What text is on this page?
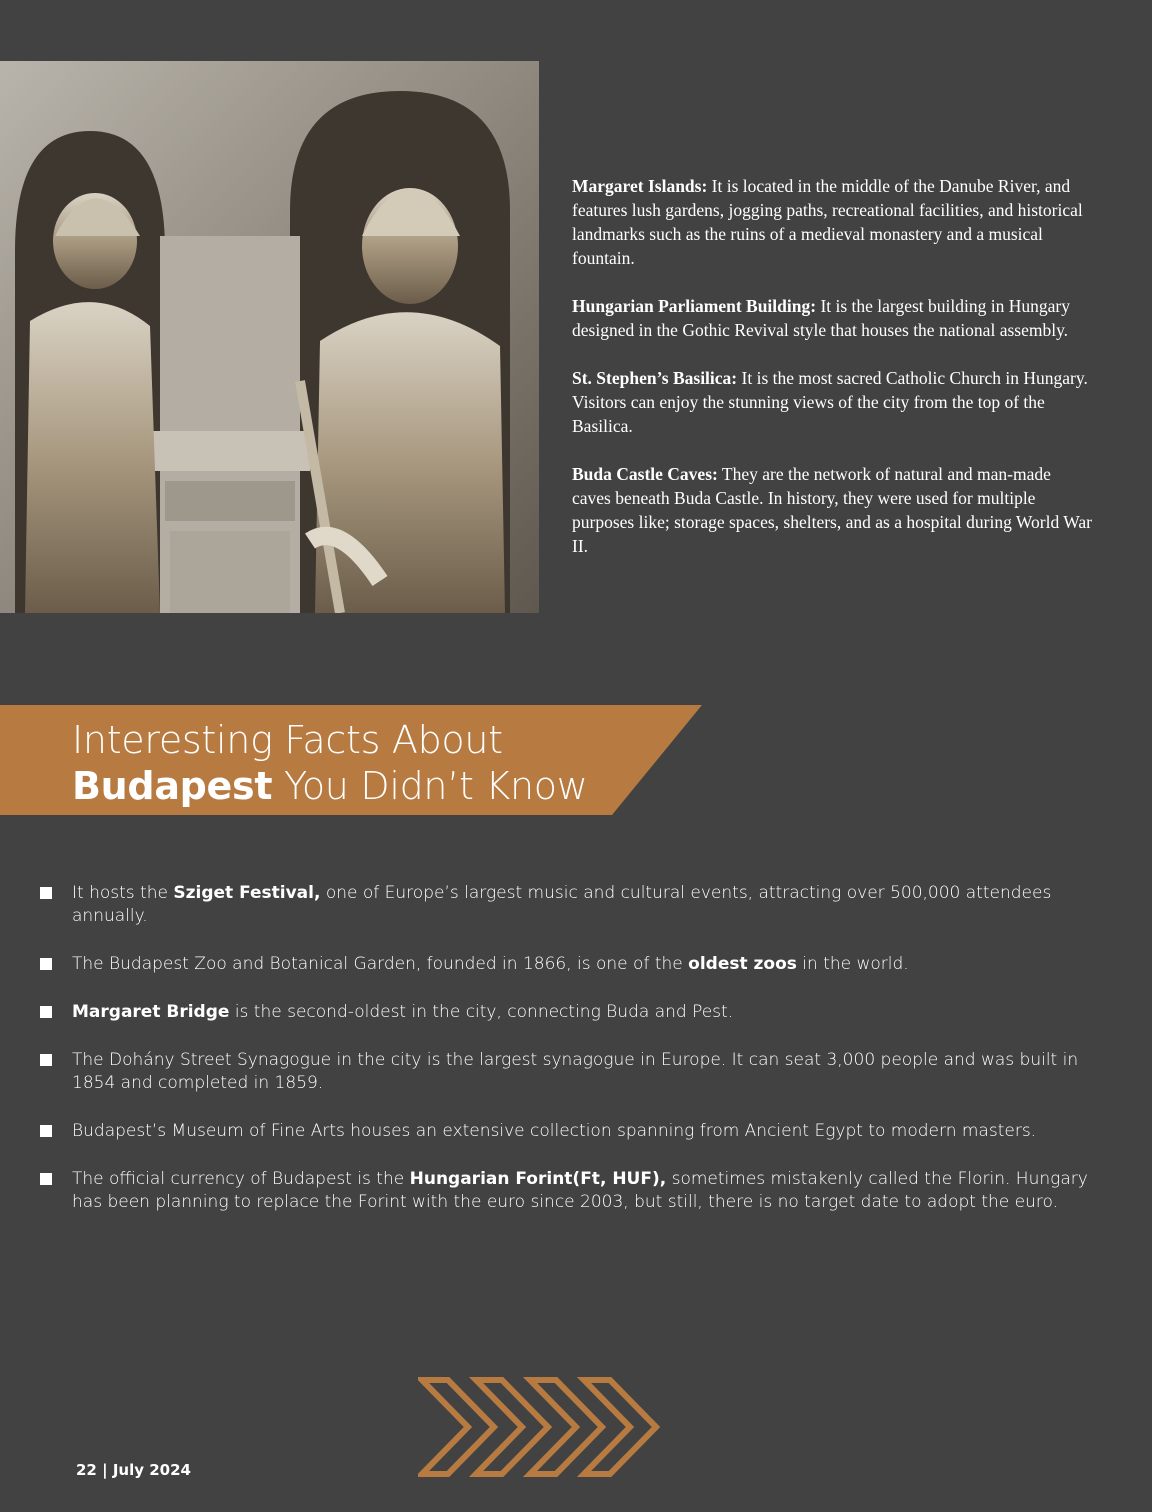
Margaret Islands: It is located in the middle of the Danube River, and features lush gardens, jogging paths, recreational facilities, and historical landmarks such as the ruins of a medieval monastery and a musical fountain.

Hungarian Parliament Building: It is the largest building in Hungary designed in the Gothic Revival style that houses the national assembly.

St. Stephen’s Basilica: It is the most sacred Catholic Church in Hungary. Visitors can enjoy the stunning views of the city from the top of the Basilica.

Buda Castle Caves: They are the network of natural and man-made caves beneath Buda Castle. In history, they were used for multiple purposes like; storage spaces, shelters, and as a hospital during World War II.

Interesting Facts About
Budapest You Didn’t Know
It hosts the Sziget Festival, one of Europe’s largest music and cultural events, attracting over 500,000 attendees annually.
The Budapest Zoo and Botanical Garden, founded in 1866, is one of the oldest zoos in the world.
Margaret Bridge is the second-oldest in the city, connecting Buda and Pest.
The Dohány Street Synagogue in the city is the largest synagogue in Europe. It can seat 3,000 people and was built in 1854 and completed in 1859.
Budapest’s Museum of Fine Arts houses an extensive collection spanning from Ancient Egypt to modern masters.
The official currency of Budapest is the Hungarian Forint(Ft, HUF), sometimes mistakenly called the Florin. Hungary has been planning to replace the Forint with the euro since 2003, but still, there is no target date to adopt the euro.
22 | July 2024
